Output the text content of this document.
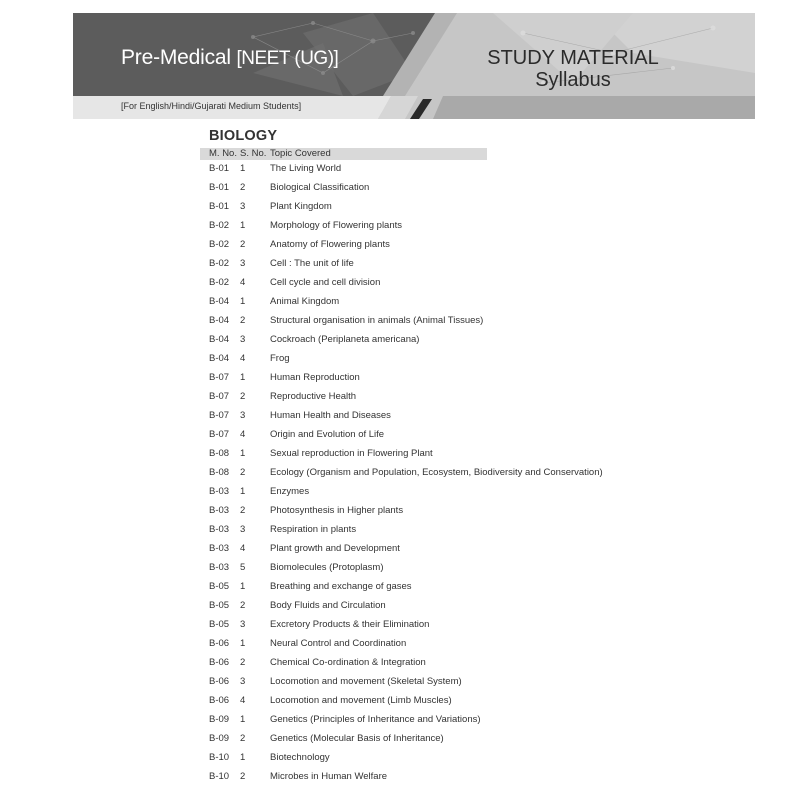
Pre-Medical [NEET (UG)]
[For English/Hindi/Gujarati Medium Students]
STUDY MATERIAL
Syllabus
BIOLOGY
M. No. S. No. Topic Covered
B-01 1	The Living World
B-01 2	Biological Classification
B-01 3	Plant Kingdom
B-02 1	Morphology of Flowering plants
B-02 2	Anatomy of Flowering plants
B-02 3	Cell : The unit of life
B-02 4	Cell cycle and cell division
B-04 1	Animal Kingdom
B-04 2	Structural organisation in animals (Animal Tissues)
B-04 3	Cockroach (Periplaneta americana)
B-04 4	Frog
B-07 1	Human Reproduction
B-07 2	Reproductive Health
B-07 3	Human Health and Diseases
B-07 4	Origin and Evolution of Life
B-08 1	Sexual reproduction in Flowering Plant
B-08 2	Ecology (Organism and Population, Ecosystem, Biodiversity and Conservation)
B-03 1	Enzymes
B-03 2	Photosynthesis in Higher plants
B-03 3	Respiration in plants
B-03 4	Plant growth and Development
B-03 5	Biomolecules (Protoplasm)
B-05 1	Breathing and exchange of gases
B-05 2	Body Fluids and Circulation
B-05 3	Excretory Products & their Elimination
B-06 1	Neural Control and Coordination
B-06 2	Chemical Co-ordination & Integration
B-06 3	Locomotion and movement (Skeletal System)
B-06 4	Locomotion and movement (Limb Muscles)
B-09 1	Genetics (Principles of Inheritance and Variations)
B-09 2	Genetics (Molecular Basis of Inheritance)
B-10 1	Biotechnology
B-10 2	Microbes in Human Welfare
